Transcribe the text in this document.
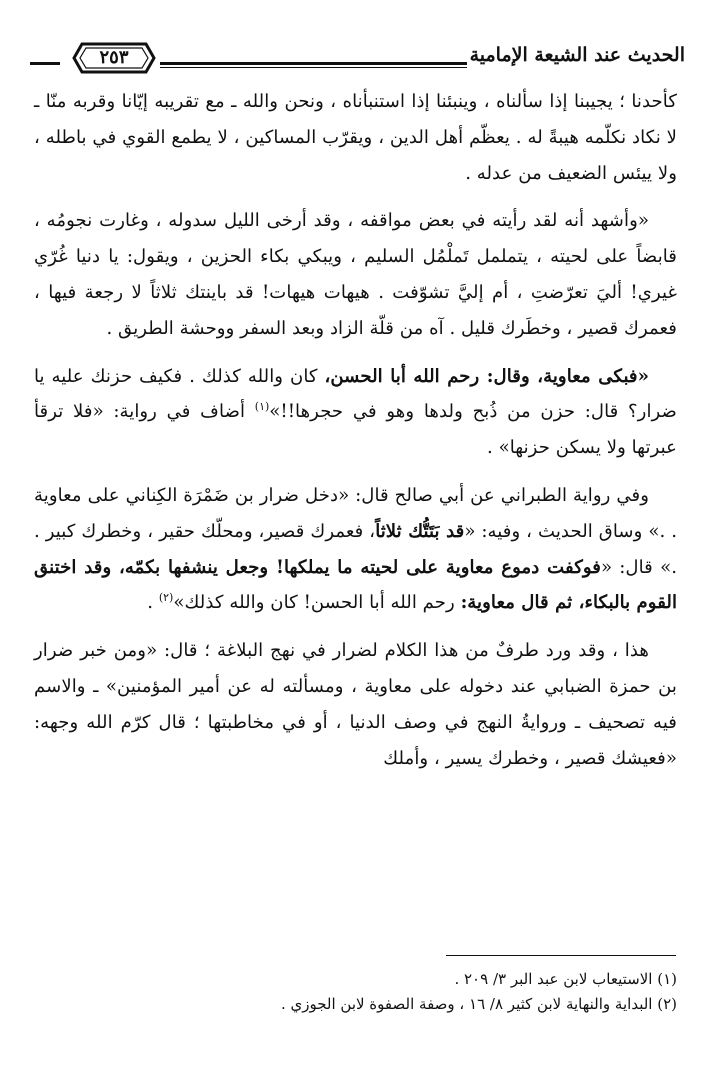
الحديث عند الشيعة الإمامية
٢٥٣

كأحدنا ؛ يجيبنا إذا سألناه ، وينبئنا إذا استنبأناه ، ونحن والله ـ مع تقريبه إيّانا وقربه منّا ـ لا نكاد نكلّمه هيبةً له . يعظّم أهل الدين ، ويقرّب المساكين ، لا يطمع القوي في باطله ، ولا ييئس الضعيف من عدله .

«وأشهد أنه لقد رأيته في بعض مواقفه ، وقد أرخى الليل سدوله ، وغارت نجومُه ، قابضاً على لحيته ، يتململ تَملْمُل السليم ، ويبكي بكاء الحزين ، ويقول: يا دنيا غُرّي غيري! أليَ تعرّضتِ ، أم إليَّ تشوّفت . هيهات هيهات! قد باينتك ثلاثاً لا رجعة فيها ، فعمرك قصير ، وخطَرك قليل . آه من قلّة الزاد وبعد السفر ووحشة الطريق .

«فبكى معاوية، وقال: رحم الله أبا الحسن، كان والله كذلك . فكيف حزنك عليه يا ضرار؟ قال: حزن من ذُبح ولدها وهو في حجرها!!»$^{(١)}$ أضاف في رواية: «فلا ترقأ عبرتها ولا يسكن حزنها» .

وفي رواية الطبراني عن أبي صالح قال: «دخل ضرار بن ضَمْرَة الكِناني على معاوية . .» وساق الحديث ، وفيه: «قد بَتَتُّك ثلاثاً، فعمرك قصير، ومحلّك حقير ، وخطرك كبير . .» قال: «فوكفت دموع معاوية على لحيته ما يملكها! وجعل ينشفها بكمّه، وقد اختنق القوم بالبكاء، ثم قال معاوية: رحم الله أبا الحسن! كان والله كذلك»$^{(٢)}$ .

هذا ، وقد ورد طرفٌ من هذا الكلام لضرار في نهج البلاغة ؛ قال: «ومن خبر ضرار بن حمزة الضبابي عند دخوله على معاوية ، ومسألته له عن أمير المؤمنين» ـ والاسم فيه تصحيف ـ وروايةُ النهج في وصف الدنيا ، أو في مخاطبتها ؛ قال كرّم الله وجهه: «فعيشك قصير ، وخطرك يسير ، وأملك

(١) الاستيعاب لابن عبد البر ٣/ ٢٠٩ .

(٢) البداية والنهاية لابن كثير ٨/ ١٦ ، وصفة الصفوة لابن الجوزي .
